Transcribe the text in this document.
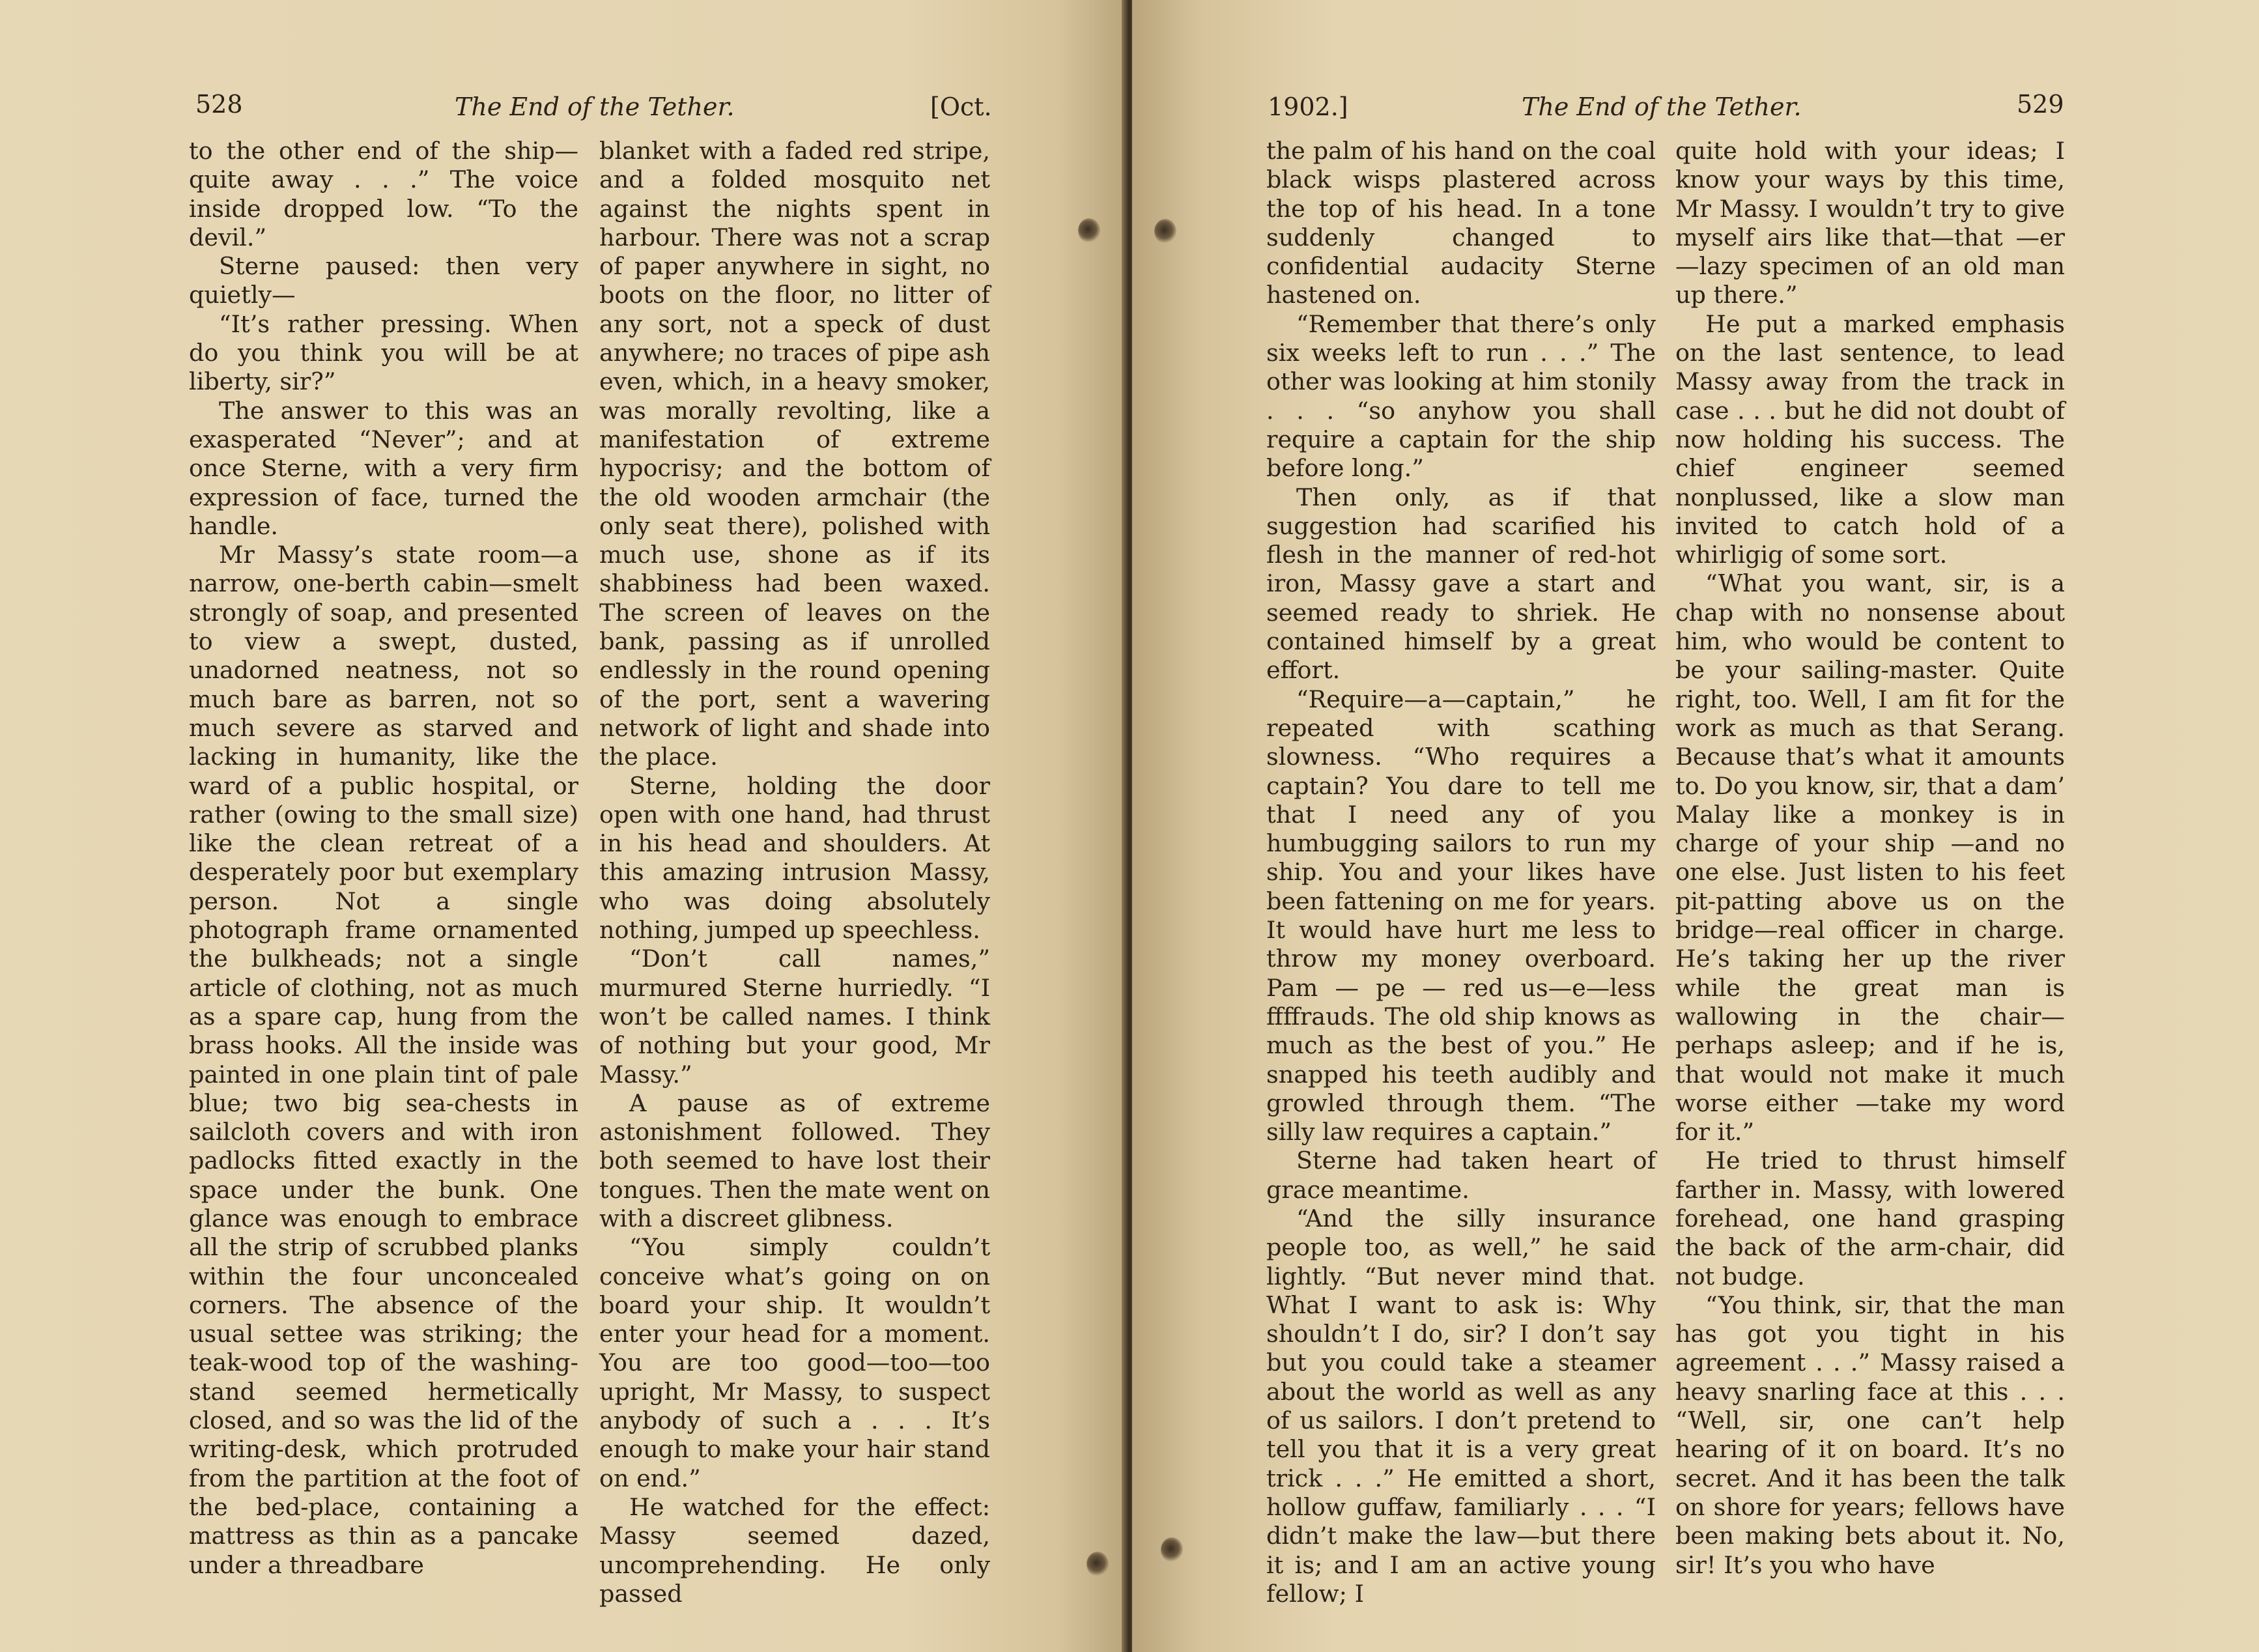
528	The End of the Tether.	[Oct.

to the other end of the ship—quite away . . .” The voice inside dropped low. “To the devil.”

Sterne paused: then very quietly—

“It’s rather pressing. When do you think you will be at liberty, sir?”

The answer to this was an exasperated “Never”; and at once Sterne, with a very firm expression of face, turned the handle.

Mr Massy’s state room—a narrow, one-berth cabin—smelt strongly of soap, and presented to view a swept, dusted, unadorned neatness, not so much bare as barren, not so much severe as starved and lacking in humanity, like the ward of a public hospital, or rather (owing to the small size) like the clean retreat of a desperately poor but exemplary person. Not a single photograph frame ornamented the bulkheads; not a single article of clothing, not as much as a spare cap, hung from the brass hooks. All the inside was painted in one plain tint of pale blue; two big sea-chests in sailcloth covers and with iron padlocks fitted exactly in the space under the bunk. One glance was enough to embrace all the strip of scrubbed planks within the four unconcealed corners. The absence of the usual settee was striking; the teak-wood top of the washing-stand seemed hermetically closed, and so was the lid of the writing-desk, which protruded from the partition at the foot of the bed-place, containing a mattress as thin as a pancake under a threadbare

blanket with a faded red stripe, and a folded mosquito net against the nights spent in harbour. There was not a scrap of paper anywhere in sight, no boots on the floor, no litter of any sort, not a speck of dust anywhere; no traces of pipe ash even, which, in a heavy smoker, was morally revolting, like a manifestation of extreme hypocrisy; and the bottom of the old wooden armchair (the only seat there), polished with much use, shone as if its shabbiness had been waxed. The screen of leaves on the bank, passing as if unrolled endlessly in the round opening of the port, sent a wavering network of light and shade into the place.

Sterne, holding the door open with one hand, had thrust in his head and shoulders. At this amazing intrusion Massy, who was doing absolutely nothing, jumped up speechless.

“Don’t call names,” murmured Sterne hurriedly. “I won’t be called names. I think of nothing but your good, Mr Massy.”

A pause as of extreme astonishment followed. They both seemed to have lost their tongues. Then the mate went on with a discreet glibness.

“You simply couldn’t conceive what’s going on on board your ship. It wouldn’t enter your head for a moment. You are too good—too—too upright, Mr Massy, to suspect anybody of such a . . . It’s enough to make your hair stand on end.”

He watched for the effect: Massy seemed dazed, uncomprehending. He only passed

1902.]	The End of the Tether.	529

the palm of his hand on the coal black wisps plastered across the top of his head. In a tone suddenly changed to confidential audacity Sterne hastened on.

“Remember that there’s only six weeks left to run . . .” The other was looking at him stonily . . . “so anyhow you shall require a captain for the ship before long.”

Then only, as if that suggestion had scarified his flesh in the manner of red-hot iron, Massy gave a start and seemed ready to shriek. He contained himself by a great effort.

“Require—a—captain,” he repeated with scathing slowness. “Who requires a captain? You dare to tell me that I need any of you humbugging sailors to run my ship. You and your likes have been fattening on me for years. It would have hurt me less to throw my money overboard. Pam — pe — red us—e—less ffffrauds. The old ship knows as much as the best of you.” He snapped his teeth audibly and growled through them. “The silly law requires a captain.”

Sterne had taken heart of grace meantime.

“And the silly insurance people too, as well,” he said lightly. “But never mind that. What I want to ask is: Why shouldn’t I do, sir? I don’t say but you could take a steamer about the world as well as any of us sailors. I don’t pretend to tell you that it is a very great trick . . .” He emitted a short, hollow guffaw, familiarly . . . “I didn’t make the law—but there it is; and I am an active young fellow; I

quite hold with your ideas; I know your ways by this time, Mr Massy. I wouldn’t try to give myself airs like that—that —er—lazy specimen of an old man up there.”

He put a marked emphasis on the last sentence, to lead Massy away from the track in case . . . but he did not doubt of now holding his success. The chief engineer seemed nonplussed, like a slow man invited to catch hold of a whirligig of some sort.

“What you want, sir, is a chap with no nonsense about him, who would be content to be your sailing-master. Quite right, too. Well, I am fit for the work as much as that Serang. Because that’s what it amounts to. Do you know, sir, that a dam’ Malay like a monkey is in charge of your ship —and no one else. Just listen to his feet pit-patting above us on the bridge—real officer in charge. He’s taking her up the river while the great man is wallowing in the chair—perhaps asleep; and if he is, that would not make it much worse either —take my word for it.”

He tried to thrust himself farther in. Massy, with lowered forehead, one hand grasping the back of the arm-chair, did not budge.

“You think, sir, that the man has got you tight in his agreement . . .” Massy raised a heavy snarling face at this . . . “Well, sir, one can’t help hearing of it on board. It’s no secret. And it has been the talk on shore for years; fellows have been making bets about it. No, sir! It’s you who have
